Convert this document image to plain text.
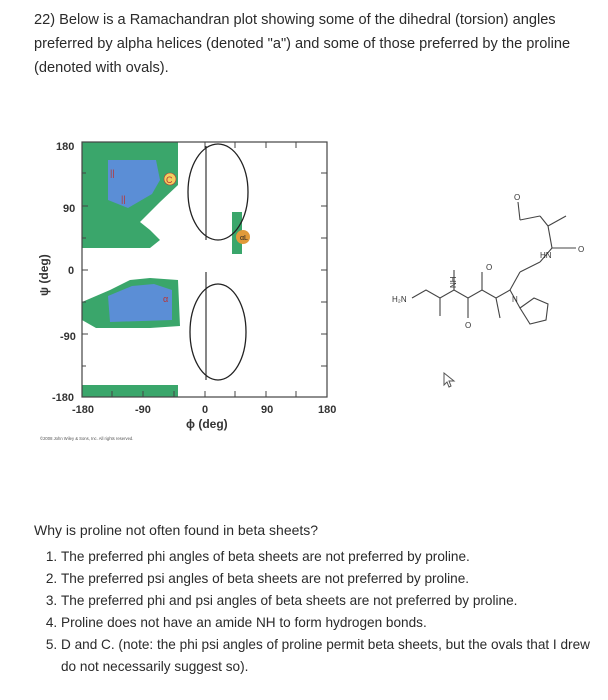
22) Below is a Ramachandran plot showing some of the dihedral (torsion) angles preferred by alpha helices (denoted "a") and some of those preferred by the proline (denoted with ovals).
αL
||
||
C
α
180
90
0
-90
-180
-180	-90	0	90	180
ϕ (deg)
ψ (deg)
©2008 John Wiley & Sons, Inc. All rights reserved.
H₂N
NH
HN
N
O
O
O
O

Why is proline not often found in beta sheets?

1. The preferred phi angles of beta sheets are not preferred by proline.
2. The preferred psi angles of beta sheets are not preferred by proline.
3. The preferred phi and psi angles of beta sheets are not preferred by proline.
4. Proline does not have an amide NH to form hydrogen bonds.
5. D and C. (note: the phi psi angles of proline permit beta sheets, but the ovals that I drew do not necessarily suggest so).
